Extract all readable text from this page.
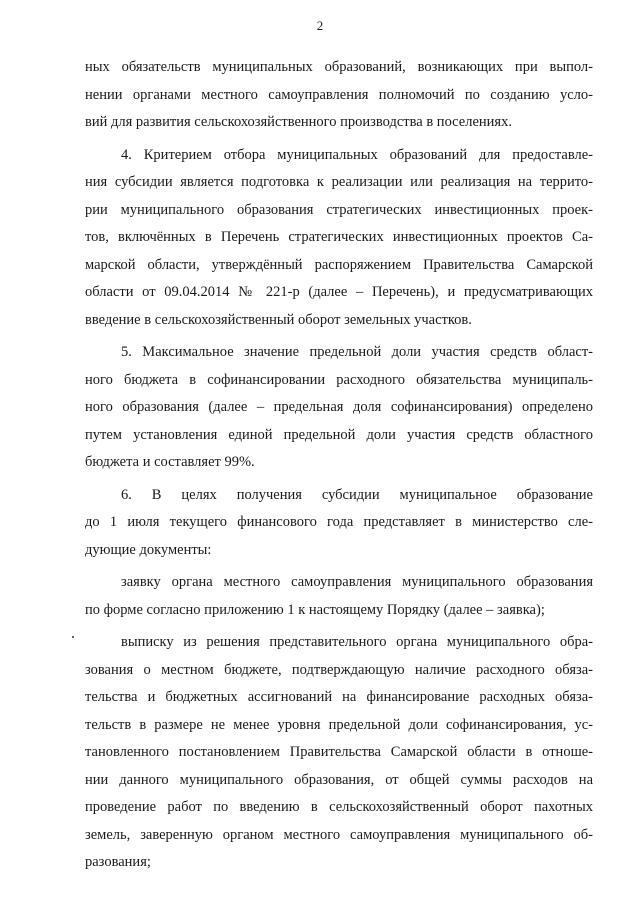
2
ных обязательств муниципальных образований, возникающих при выпол-
нении органами местного самоуправления полномочий по созданию усло-
вий для развития сельскохозяйственного производства в поселениях.
4. Критерием отбора муниципальных образований для предоставле-
ния субсидии является подготовка к реализации или реализация на террито-
рии муниципального образования стратегических инвестиционных проек-
тов, включённых в Перечень стратегических инвестиционных проектов Са-
марской области, утверждённый распоряжением Правительства Самарской
области от 09.04.2014 № 221-р (далее – Перечень), и предусматривающих
введение в сельскохозяйственный оборот земельных участков.
5. Максимальное значение предельной доли участия средств област-
ного бюджета в софинансировании расходного обязательства муниципаль-
ного образования (далее – предельная доля софинансирования) определено
путем установления единой предельной доли участия средств областного
бюджета и составляет 99%.
6. В целях получения субсидии муниципальное образование
до 1 июля текущего финансового года представляет в министерство сле-
дующие документы:
заявку органа местного самоуправления муниципального образования
по форме согласно приложению 1 к настоящему Порядку (далее – заявка);
выписку из решения представительного органа муниципального обра-
зования о местном бюджете, подтверждающую наличие расходного обяза-
тельства и бюджетных ассигнований на финансирование расходных обяза-
тельств в размере не менее уровня предельной доли софинансирования, ус-
тановленного постановлением Правительства Самарской области в отноше-
нии данного муниципального образования, от общей суммы расходов на
проведение работ по введению в сельскохозяйственный оборот пахотных
земель, заверенную органом местного самоуправления муниципального об-
разования;
